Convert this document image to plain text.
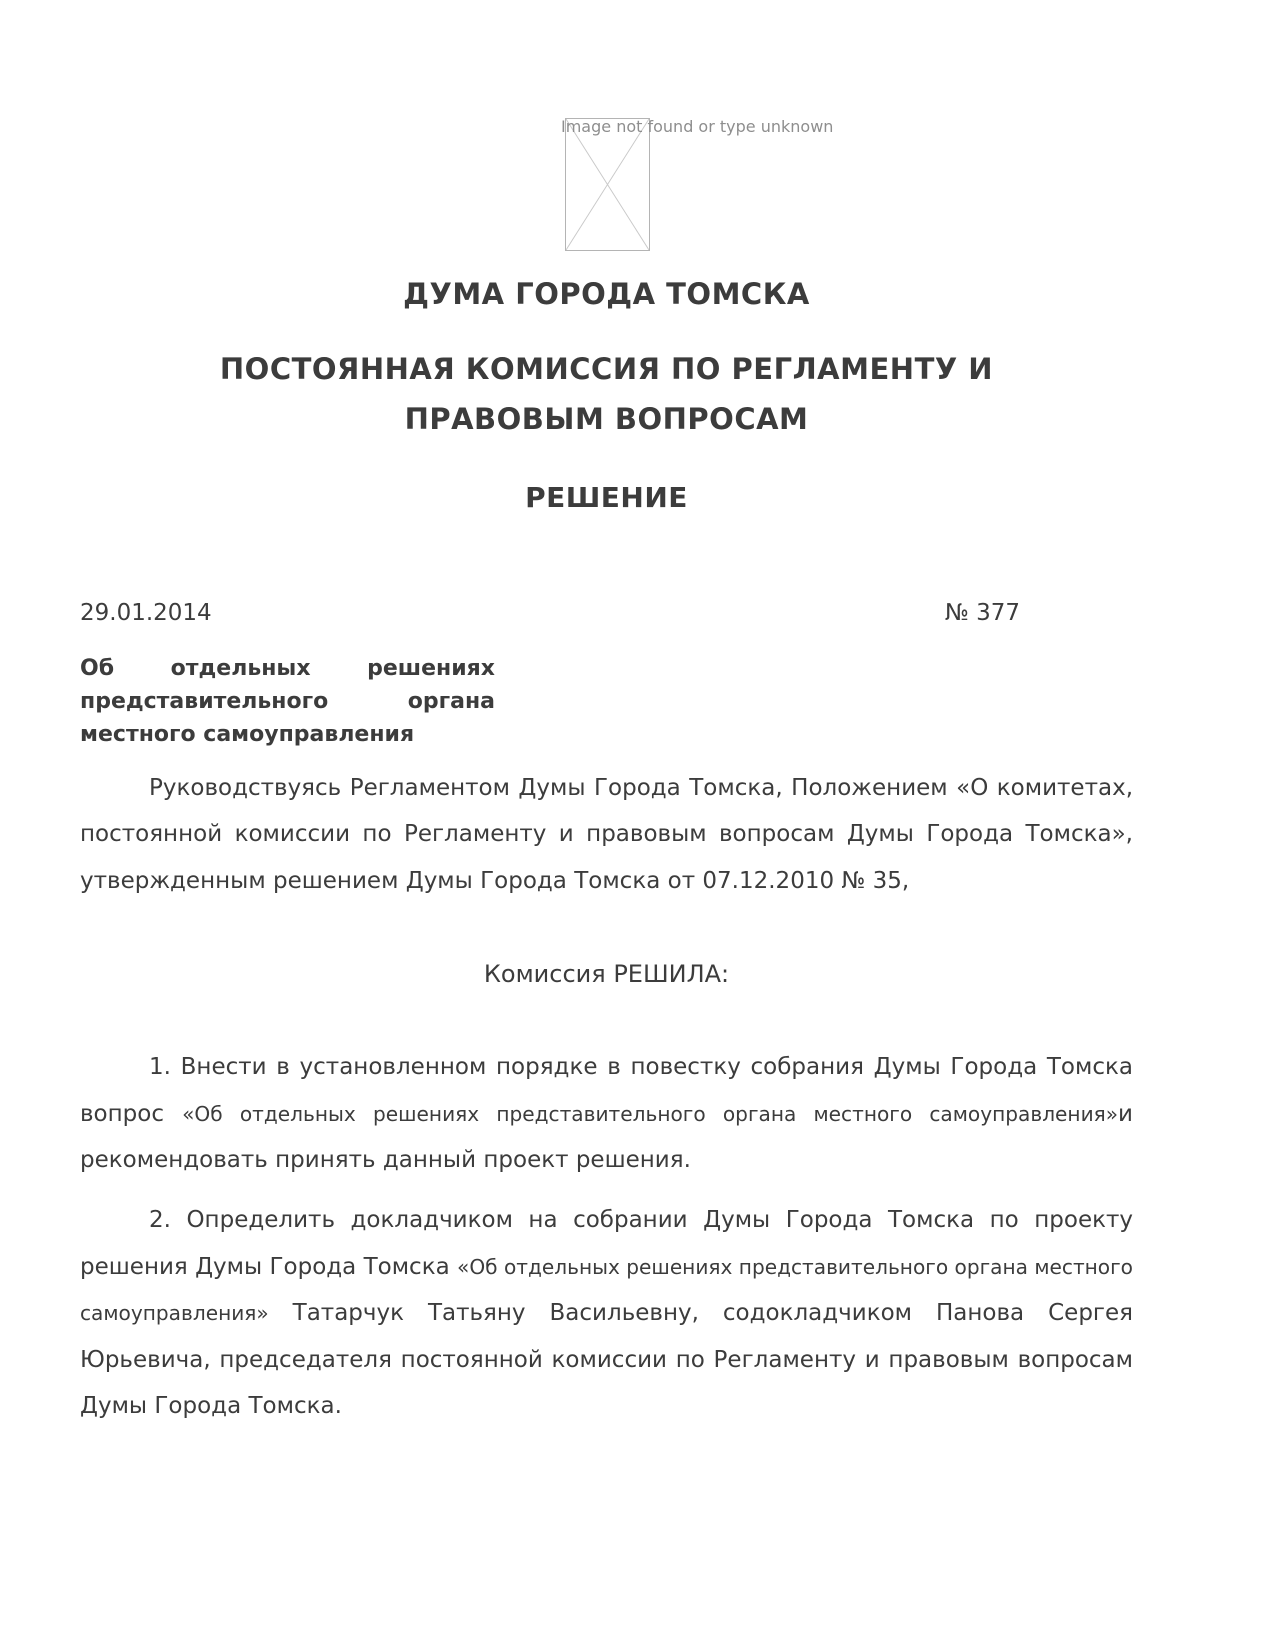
Image not found or type unknown
ДУМА ГОРОДА ТОМСКА
ПОСТОЯННАЯ КОМИССИЯ ПО РЕГЛАМЕНТУ И ПРАВОВЫМ ВОПРОСАМ
РЕШЕНИЕ
29.01.2014	№ 377
Об отдельных решениях
представительного органа
местного самоуправления

Руководствуясь Регламентом Думы Города Томска, Положением «О комитетах, постоянной комиссии по Регламенту и правовым вопросам Думы Города Томска», утвержденным решением Думы Города Томска от 07.12.2010 № 35,

Комиссия РЕШИЛА:

1. Внести в установленном порядке в повестку собрания Думы Города Томска вопрос «Об отдельных решениях представительного органа местного самоуправления»и рекомендовать принять данный проект решения.

2. Определить докладчиком на собрании Думы Города Томска по проекту решения Думы Города Томска «Об отдельных решениях представительного органа местного самоуправления» Татарчук Татьяну Васильевну, содокладчиком Панова Сергея Юрьевича, председателя постоянной комиссии по Регламенту и правовым вопросам Думы Города Томска.
